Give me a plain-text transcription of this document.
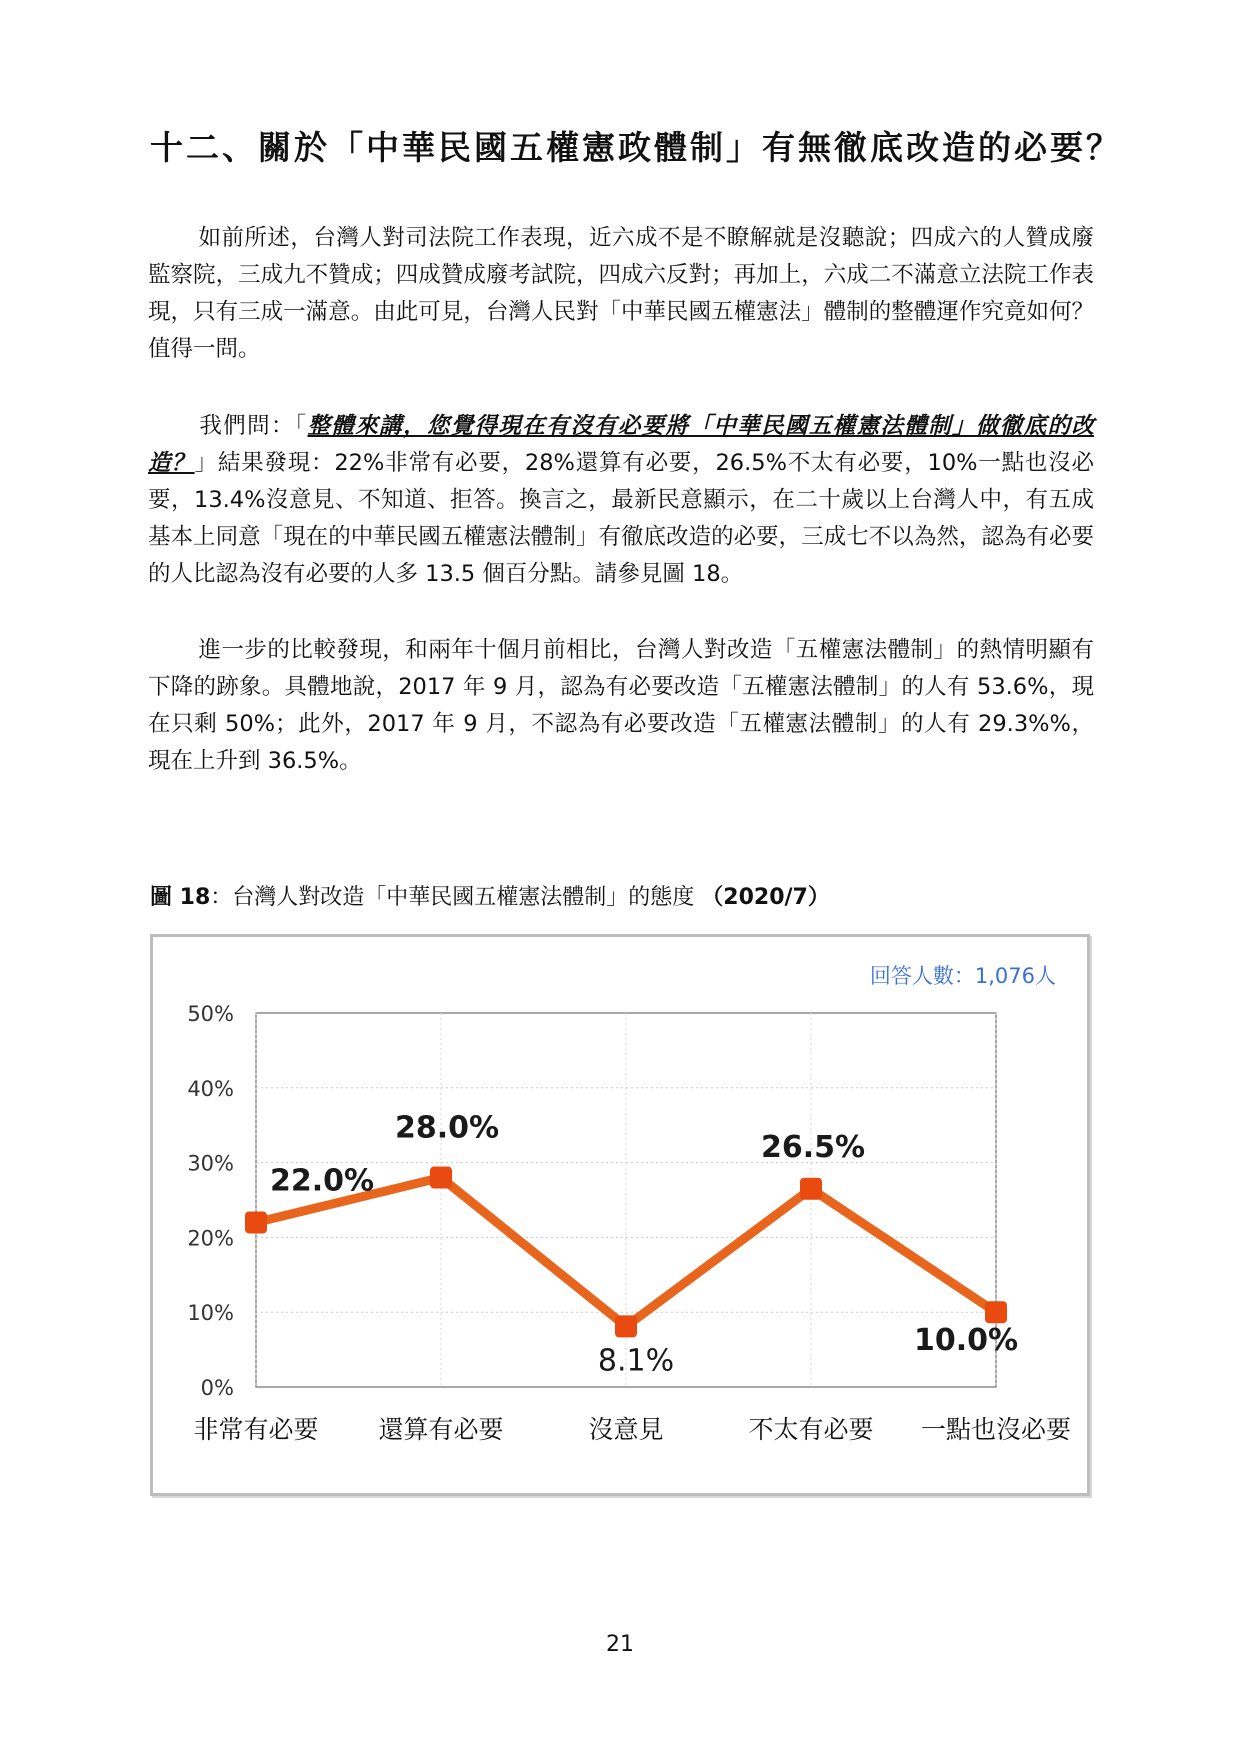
十二、關於「中華民國五權憲政體制」有無徹底改造的必要？

如前所述，台灣人對司法院工作表現，近六成不是不瞭解就是沒聽說；四成六的人贊成廢監察院，三成九不贊成；四成贊成廢考試院，四成六反對；再加上，六成二不滿意立法院工作表現，只有三成一滿意。由此可見，台灣人民對「中華民國五權憲法」體制的整體運作究竟如何？值得一問。

我們問：「整體來講，您覺得現在有沒有必要將「中華民國五權憲法體制」做徹底的改造？」結果發現：22%非常有必要，28%還算有必要，26.5%不太有必要，10%一點也沒必要，13.4%沒意見、不知道、拒答。換言之，最新民意顯示，在二十歲以上台灣人中，有五成基本上同意「現在的中華民國五權憲法體制」有徹底改造的必要，三成七不以為然，認為有必要的人比認為沒有必要的人多 13.5 個百分點。請參見圖 18。

進一步的比較發現，和兩年十個月前相比，台灣人對改造「五權憲法體制」的熱情明顯有下降的跡象。具體地說，2017 年 9 月，認為有必要改造「五權憲法體制」的人有 53.6%，現在只剩 50%；此外，2017 年 9 月，不認為有必要改造「五權憲法體制」的人有 29.3%%，現在上升到 36.5%。

圖 18：台灣人對改造「中華民國五權憲法體制」的態度 （2020/7）

0%
10%
20%
30%
40%
50%
非常有必要 還算有必要	沒意見	不太有必要 一點也沒必要
22.0%
28.0%
8.1%
26.5%
10.0%
回答人數：1,076人
21
